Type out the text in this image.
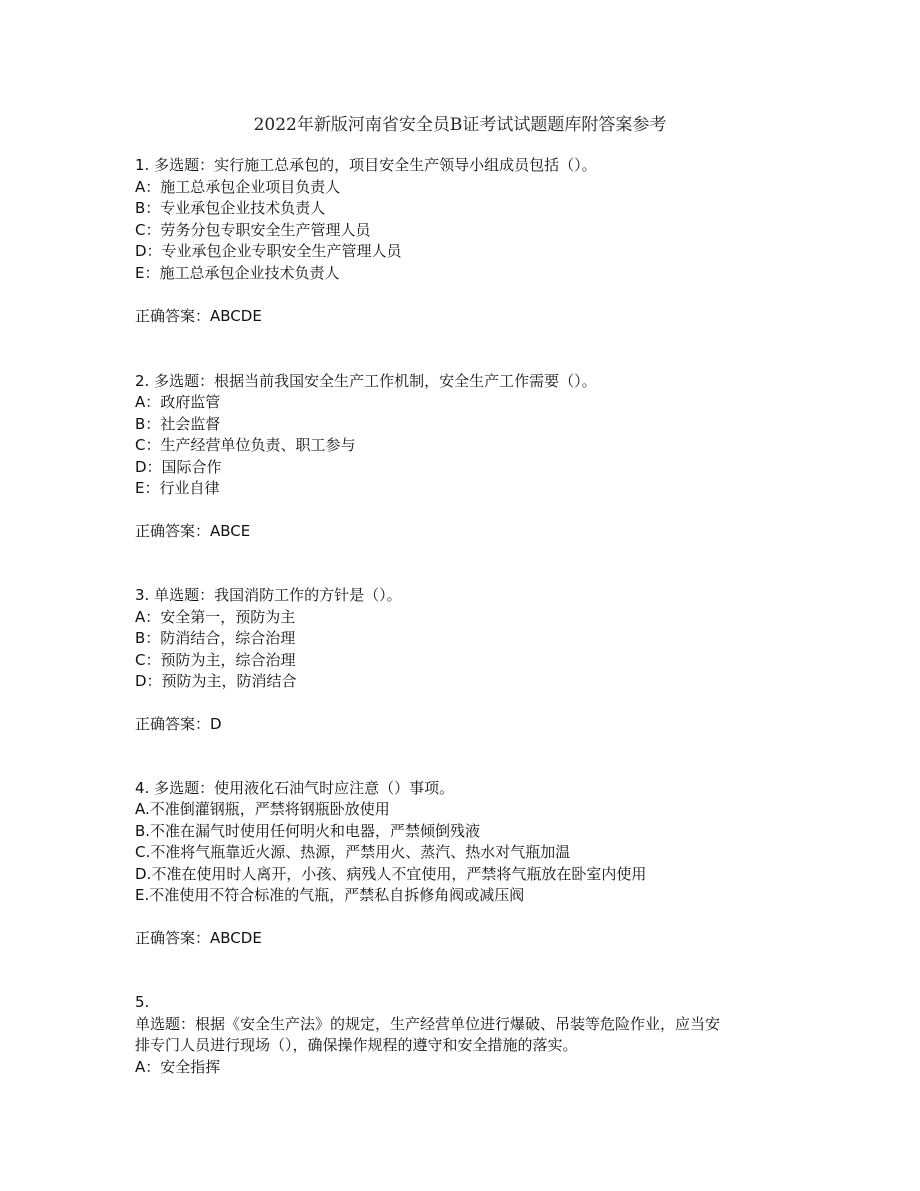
2022年新版河南省安全员B证考试试题题库附答案参考
1. 多选题：实行施工总承包的，项目安全生产领导小组成员包括（）。
A：施工总承包企业项目负责人
B：专业承包企业技术负责人
C：劳务分包专职安全生产管理人员
D：专业承包企业专职安全生产管理人员
E：施工总承包企业技术负责人
正确答案：ABCDE
2. 多选题：根据当前我国安全生产工作机制，安全生产工作需要（）。
A：政府监管
B：社会监督
C：生产经营单位负责、职工参与
D：国际合作
E：行业自律
正确答案：ABCE
3. 单选题：我国消防工作的方针是（）。
A：安全第一，预防为主
B：防消结合，综合治理
C：预防为主，综合治理
D：预防为主，防消结合
正确答案：D
4. 多选题：使用液化石油气时应注意（）事项。
A.不准倒灌钢瓶，严禁将钢瓶卧放使用
B.不准在漏气时使用任何明火和电器，严禁倾倒残液
C.不准将气瓶靠近火源、热源，严禁用火、蒸汽、热水对气瓶加温
D.不准在使用时人离开，小孩、病残人不宜使用，严禁将气瓶放在卧室内使用
E.不准使用不符合标准的气瓶，严禁私自拆修角阀或减压阀
正确答案：ABCDE
5.
单选题：根据《安全生产法》的规定，生产经营单位进行爆破、吊装等危险作业，应当安
排专门人员进行现场（），确保操作规程的遵守和安全措施的落实。
A：安全指挥
